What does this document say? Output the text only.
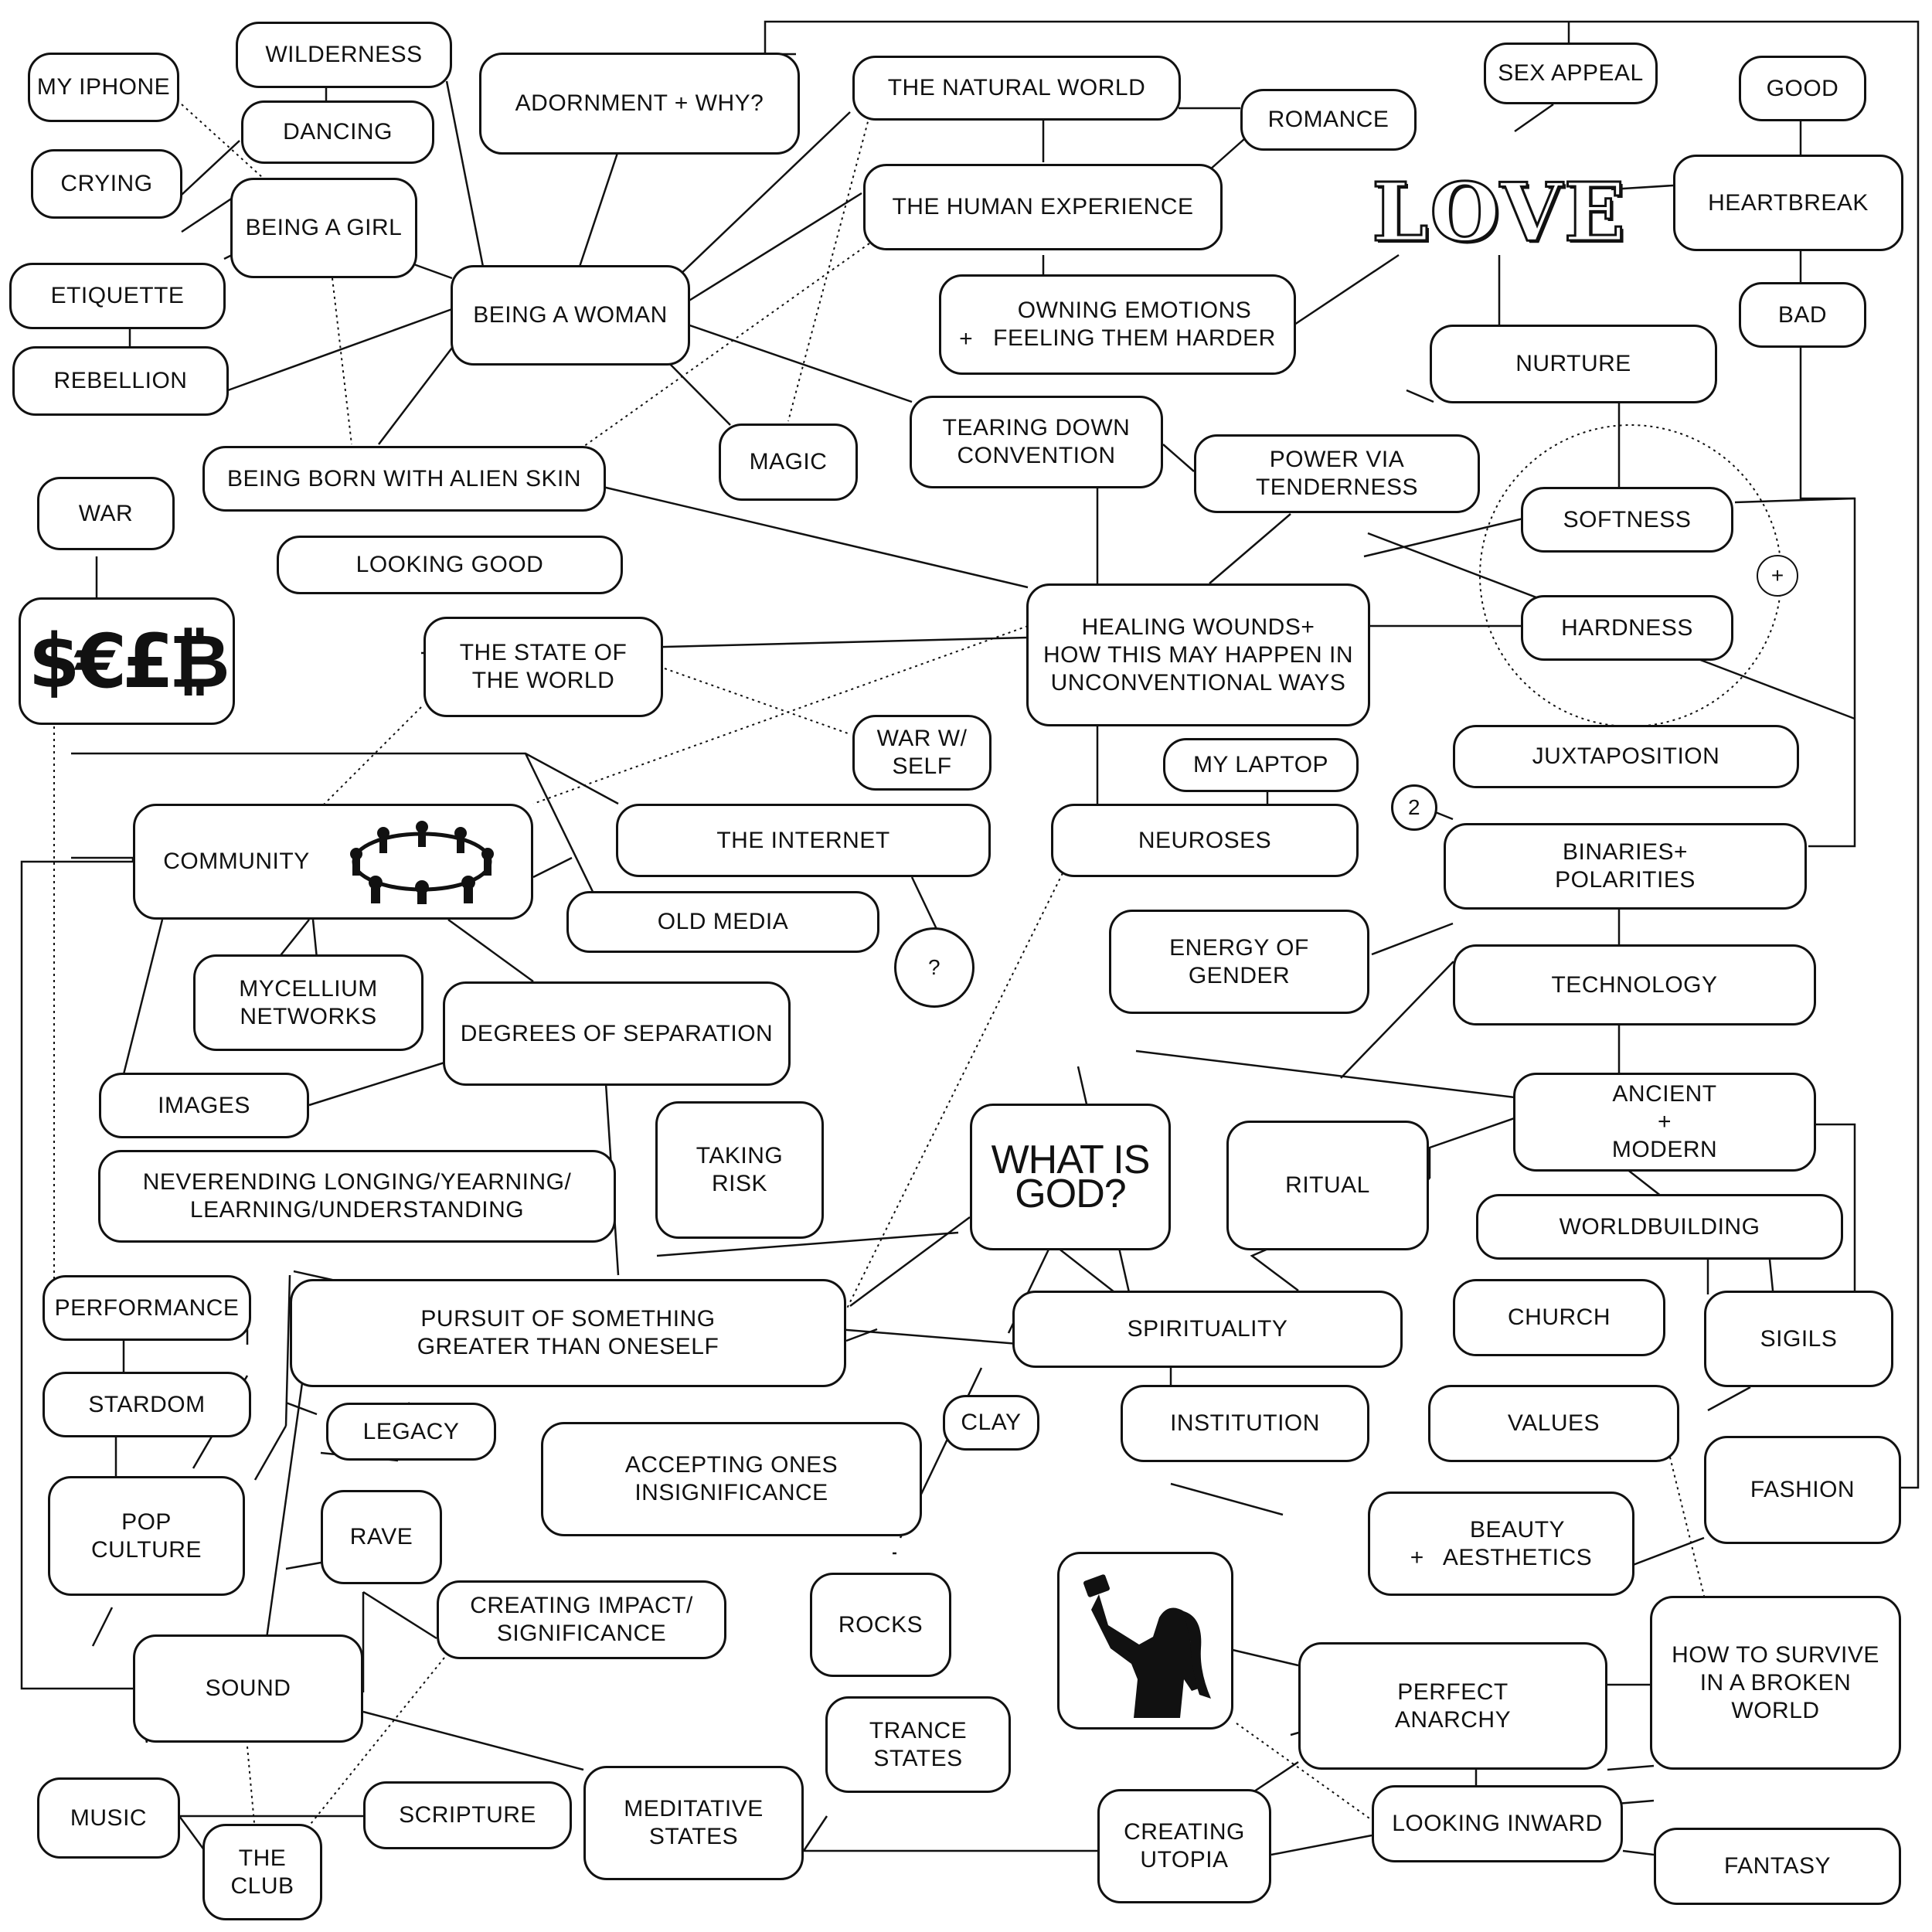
MY IPHONE
WILDERNESS
DANCING
CRYING
BEING A GIRL
ETIQUETTE
REBELLION
ADORNMENT + WHY?
BEING A WOMAN
THE NATURAL WORLD
THE HUMAN EXPERIENCE
ROMANCE
SEX APPEAL
GOOD
LOVE	HEARTBREAK
BAD
+
OWNING EMOTIONS
FEELING THEM HARDER
NURTURE
MAGIC
TEARING DOWN
CONVENTION	POWER VIA
TENDERNESS
SOFTNESS
HARDNESS
+
BEING BORN WITH ALIEN SKIN
LOOKING GOOD
WAR
$€£₿	THE STATE OF
THE WORLD
HEALING WOUNDS+
HOW THIS MAY HAPPEN IN
UNCONVENTIONAL WAYS
WAR W/
SELF	MY LAPTOP	JUXTAPOSITION
2
BINARIES+
POLARITIES
COMMUNITY
THE INTERNET	NEUROSES
OLD MEDIA
?
ENERGY OF
GENDER	TECHNOLOGY
MYCELLIUM
NETWORKS
DEGREES OF SEPARATION
IMAGES	ANCIENT
+
MODERN
NEVERENDING LONGING/YEARNING/
LEARNING/UNDERSTANDING
TAKING
RISK
WHAT IS
GOD?	RITUAL
WORLDBUILDING
PERFORMANCE	PURSUIT OF SOMETHING
GREATER THAN ONESELF
SPIRITUALITY	CHURCH
SIGILS
STARDOM
LEGACY	CLAY	INSTITUTION	VALUES
ACCEPTING ONES
INSIGNIFICANCE	FASHION
POP
CULTURE	RAVE
+
BEAUTY
AESTHETICS
CREATING IMPACT/
SIGNIFICANCE	ROCKS
HOW TO SURVIVE
IN A BROKEN
WORLD
SOUND
TRANCE
STATES
PERFECT
ANARCHY
MUSIC	SCRIPTURE	MEDITATIVE
STATES	CREATING
UTOPIA
LOOKING INWARD
THE
CLUB
FANTASY
